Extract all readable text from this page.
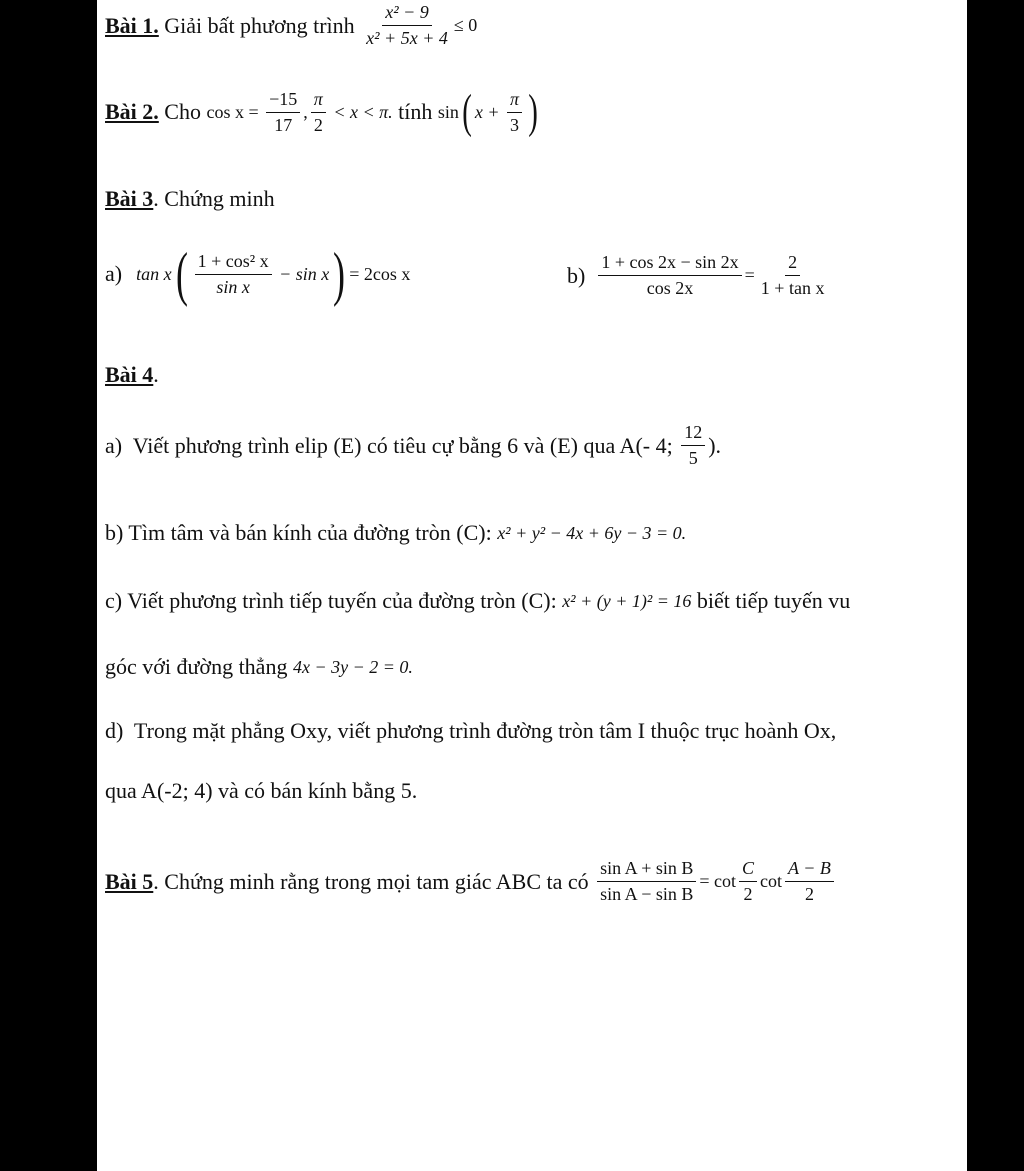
Bài 1. Giải bất phương trình $\frac{\text{x² − 9}}{\text{x² + 5x + 4}} \le 0$
Bài 2. Cho $\cos x = \frac{-15}{17}$ , $\frac{\pi}{2} < x < \pi$. tính sin ( $x + \frac{\pi}{3}$ )
Bài 3 . Chứng minh
a) tan x ( $\frac{\text{1 + cos² x}}{\text{sin x}} - \sin x$ ) = 2cos x	$b) \frac{1 + \cos 2x - \sin 2x}{\cos 2x} = \frac{2}{\text{1 + tan x}}$
Bài 4 .
a)  Viết phương trình elip (E) có tiêu cự bằng 6 và (E) qua A(- 4; $\frac{12}{5}$ ).
b) Tìm tâm và bán kính của đường tròn (C): x² + y² − 4x + 6y − 3 = 0.
c) Viết phương trình tiếp tuyến của đường tròn (C): x² + (y + 1)² = 16 biết tiếp tuyến vu
góc với đường thẳng 4x − 3y − 2 = 0.
d)  Trong mặt phẳng Oxy, viết phương trình đường tròn tâm I thuộc trục hoành Ox,
qua A(-2; 4) và có bán kính bằng 5.
Bài 5 . Chứng minh rằng trong mọi tam giác ABC ta có $\frac{\text{sin A + sin B}}{\text{sin A − sin B}} = \cot \frac{C}{2}$ $\cot \frac{A - B}{2}$
